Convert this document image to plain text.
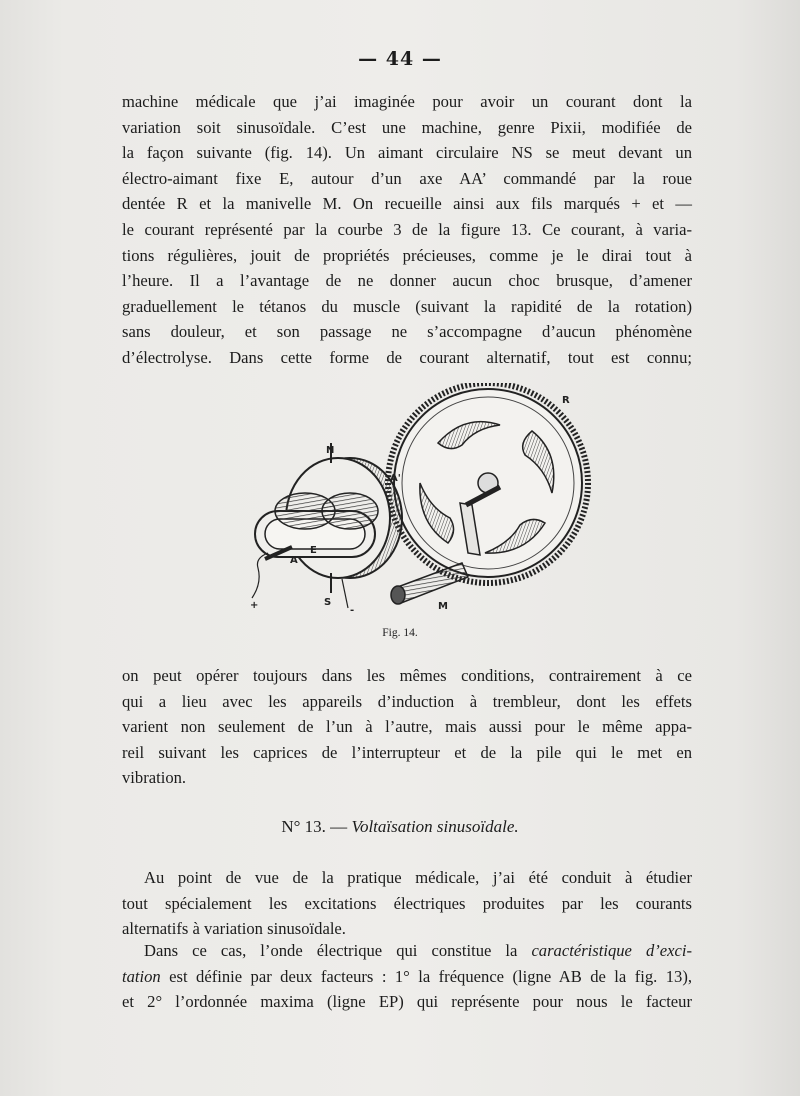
— 44 —
machine médicale que j’ai imaginée pour avoir un courant dont la
variation soit sinusoïdale. C’est une machine, genre Pixii, modifiée de
la façon suivante (fig. 14). Un aimant circulaire NS se meut devant un
électro-aimant fixe E, autour d’un axe AA’ commandé par la roue
dentée R et la manivelle M. On recueille ainsi aux fils marqués + et —
le courant représenté par la courbe 3 de la figure 13. Ce courant, à varia-
tions régulières, jouit de propriétés précieuses, comme je le dirai tout à
l’heure. Il a l’avantage de ne donner aucun choc brusque, d’amener
graduellement le tétanos du muscle (suivant la rapidité de la rotation)
sans douleur, et son passage ne s’accompagne d’aucun phénomène
d’électrolyse. Dans cette forme de courant alternatif, tout est connu;
N
S
A
E
A'
R
M
+	-
Fig. 14.
on peut opérer toujours dans les mêmes conditions, contrairement à ce
qui a lieu avec les appareils d’induction à trembleur, dont les effets
varient non seulement de l’un à l’autre, mais aussi pour le même appa-
reil suivant les caprices de l’interrupteur et de la pile qui le met en
vibration.
N° 13. — Voltaïsation sinusoïdale.
Au point de vue de la pratique médicale, j’ai été conduit à étudier
tout spécialement les excitations électriques produites par les courants
alternatifs à variation sinusoïdale.
Dans ce cas, l’onde électrique qui constitue la caractéristique d’exci-
tation est définie par deux facteurs : 1° la fréquence (ligne AB de la fig. 13),
et 2° l’ordonnée maxima (ligne EP) qui représente pour nous le facteur
